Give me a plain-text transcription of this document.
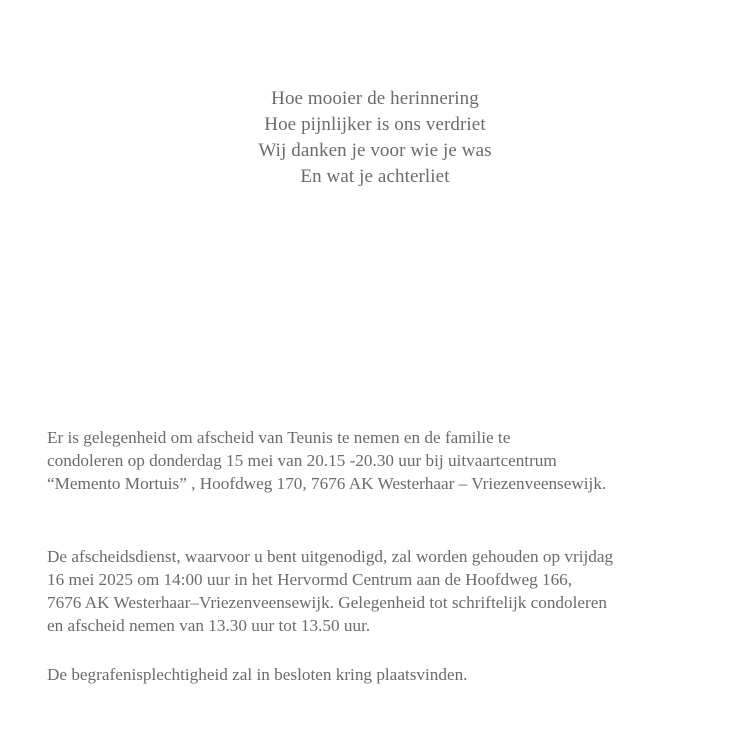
Hoe mooier de herinnering
Hoe pijnlijker is ons verdriet
Wij danken je voor wie je was
En wat je achterliet
Er is gelegenheid om afscheid van Teunis te nemen en de familie te
condoleren op donderdag 15 mei van 20.15 -20.30 uur bij uitvaartcentrum
“Memento Mortuis” , Hoofdweg 170, 7676 AK Westerhaar – Vriezenveensewijk.
De afscheidsdienst, waarvoor u bent uitgenodigd, zal worden gehouden op vrijdag
16 mei 2025 om 14:00 uur in het Hervormd Centrum aan de Hoofdweg 166,
7676 AK Westerhaar–Vriezenveensewijk. Gelegenheid tot schriftelijk condoleren
en afscheid nemen van 13.30 uur tot 13.50 uur.
De begrafenisplechtigheid zal in besloten kring plaatsvinden.
